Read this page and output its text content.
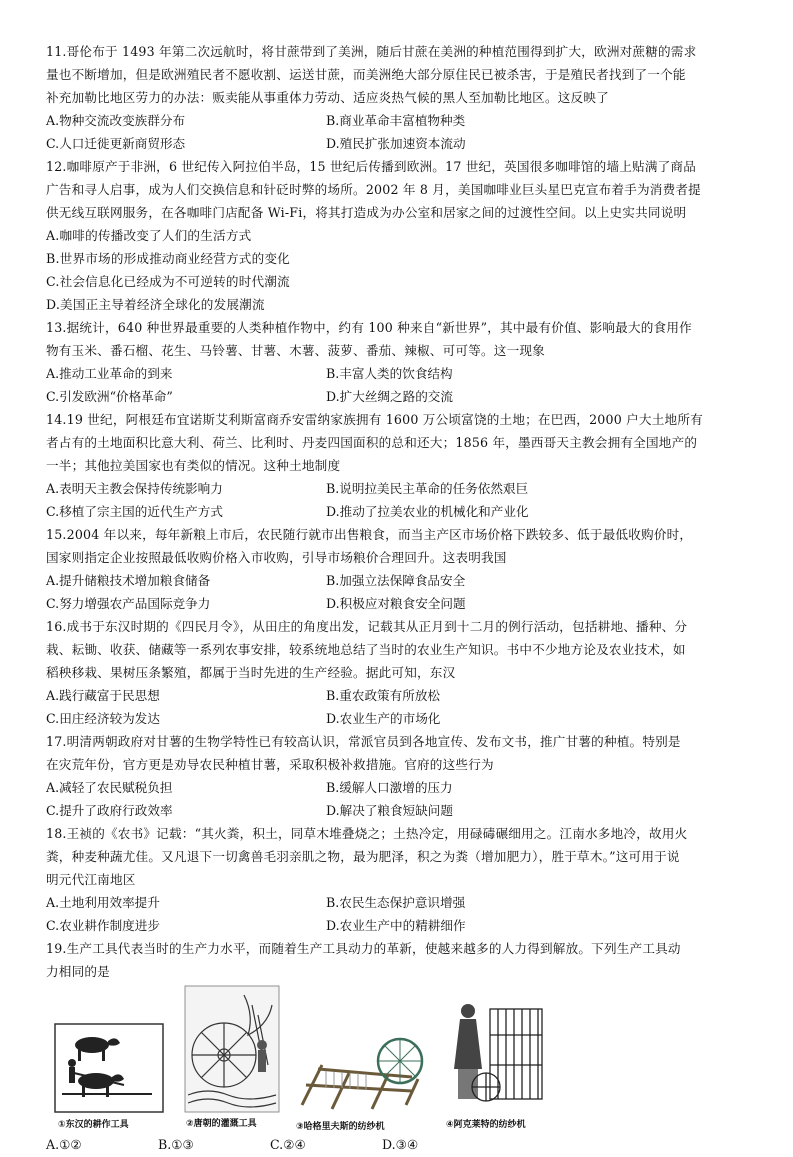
11.哥伦布于 1493 年第二次远航时，将甘蔗带到了美洲，随后甘蔗在美洲的种植范围得到扩大，欧洲对蔗糖的需求
量也不断增加，但是欧洲殖民者不愿收割、运送甘蔗，而美洲绝大部分原住民已被杀害，于是殖民者找到了一个能
补充加勒比地区劳力的办法：贩卖能从事重体力劳动、适应炎热气候的黑人至加勒比地区。这反映了
A.物种交流改变族群分布	B.商业革命丰富植物种类
C.人口迁徙更新商贸形态	D.殖民扩张加速资本流动
12.咖啡原产于非洲，6 世纪传入阿拉伯半岛，15 世纪后传播到欧洲。17 世纪，英国很多咖啡馆的墙上贴满了商品
广告和寻人启事，成为人们交换信息和针砭时弊的场所。2002 年 8 月，美国咖啡业巨头星巴克宣布着手为消费者提
供无线互联网服务，在各咖啡门店配备 Wi-Fi，将其打造成为办公室和居家之间的过渡性空间。以上史实共同说明
A.咖啡的传播改变了人们的生活方式
B.世界市场的形成推动商业经营方式的变化
C.社会信息化已经成为不可逆转的时代潮流
D.美国正主导着经济全球化的发展潮流
13.据统计，640 种世界最重要的人类种植作物中，约有 100 种来自“新世界”，其中最有价值、影响最大的食用作
物有玉米、番石榴、花生、马铃薯、甘薯、木薯、菠萝、番茄、辣椒、可可等。这一现象
A.推动工业革命的到来	B.丰富人类的饮食结构
C.引发欧洲“价格革命”	D.扩大丝绸之路的交流
14.19 世纪，阿根廷布宜诺斯艾利斯富商乔安雷纳家族拥有 1600 万公顷富饶的土地；在巴西，2000 户大土地所有
者占有的土地面积比意大利、荷兰、比利时、丹麦四国面积的总和还大；1856 年，墨西哥天主教会拥有全国地产的
一半；其他拉美国家也有类似的情况。这种土地制度
A.表明天主教会保持传统影响力	B.说明拉美民主革命的任务依然艰巨
C.移植了宗主国的近代生产方式	D.推动了拉美农业的机械化和产业化
15.2004 年以来，每年新粮上市后，农民随行就市出售粮食，而当主产区市场价格下跌较多、低于最低收购价时，
国家则指定企业按照最低收购价格入市收购，引导市场粮价合理回升。这表明我国
A.提升储粮技术增加粮食储备	B.加强立法保障食品安全
C.努力增强农产品国际竞争力	D.积极应对粮食安全问题
16.成书于东汉时期的《四民月令》，从田庄的角度出发，记载其从正月到十二月的例行活动，包括耕地、播种、分
栽、耘锄、收获、储藏等一系列农事安排，较系统地总结了当时的农业生产知识。书中不少地方论及农业技术，如
稻秧移栽、果树压条繁殖，都属于当时先进的生产经验。据此可知，东汉
A.践行藏富于民思想	B.重农政策有所放松
C.田庄经济较为发达	D.农业生产的市场化
17.明清两朝政府对甘薯的生物学特性已有较高认识，常派官员到各地宣传、发布文书，推广甘薯的种植。特别是
在灾荒年份，官方更是劝导农民种植甘薯，采取积极补救措施。官府的这些行为
A.减轻了农民赋税负担	B.缓解人口激增的压力
C.提升了政府行政效率	D.解决了粮食短缺问题
18.王祯的《农书》记载：“其火粪，积土，同草木堆叠烧之；土热冷定，用碌碡碾细用之。江南水多地冷，故用火
粪，种麦种蔬尤佳。又凡退下一切禽兽毛羽亲肌之物，最为肥泽，积之为粪（增加肥力），胜于草木。”这可用于说
明元代江南地区
A.土地利用效率提升	B.农民生态保护意识增强
C.农业耕作制度进步	D.农业生产中的精耕细作
19.生产工具代表当时的生产力水平，而随着生产工具动力的革新，使越来越多的人力得到解放。下列生产工具动
力相同的是
①东汉的耕作工具	②唐朝的灌溉工具	③哈格里夫斯的纺纱机	④阿克莱特的纺纱机
A.①②	B.①③	C.②④	D.③④
